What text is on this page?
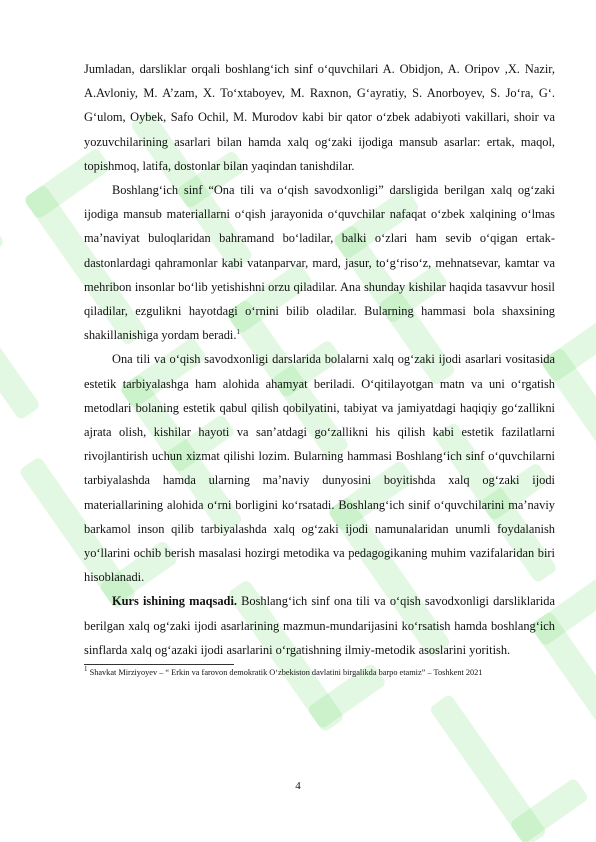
Jumladan, darsliklar orqali boshlang‘ich sinf o‘quvchilari A. Obidjon, A. Oripov ,X. Nazir, A.Avloniy, M. A’zam, X. To‘xtaboyev, M. Raxnon, G‘ayratiy, S. Anorboyev, S. Jo‘ra, G‘. G‘ulom, Oybek, Safo Ochil, M. Murodov kabi bir qator o‘zbek adabiyoti vakillari, shoir va yozuvchilarining asarlari bilan hamda xalq og‘zaki ijodiga mansub asarlar: ertak, maqol, topishmoq, latifa, dostonlar bilan yaqindan tanishdilar.

Boshlang‘ich sinf “Ona tili va o‘qish savodxonligi” darsligida berilgan xalq og‘zaki ijodiga mansub materiallarni o‘qish jarayonida o‘quvchilar nafaqat o‘zbek xalqining o‘lmas ma’naviyat buloqlaridan bahramand bo‘ladilar, balki o‘zlari ham sevib o‘qigan ertak- dastonlardagi qahramonlar kabi vatanparvar, mard, jasur, to‘g‘riso‘z, mehnatsevar, kamtar va mehribon insonlar bo‘lib yetishishni orzu qiladilar. Ana shunday kishilar haqida tasavvur hosil qiladilar, ezgulikni hayotdagi o‘rnini bilib oladilar. Bularning hammasi bola shaxsining shakillanishiga yordam beradi.$^1$

Ona tili va o‘qish savodxonligi darslarida bolalarni xalq og‘zaki ijodi asarlari vositasida estetik tarbiyalashga ham alohida ahamyat beriladi. O‘qitilayotgan matn va uni o‘rgatish metodlari bolaning estetik qabul qilish qobilyatini, tabiyat va jamiyatdagi haqiqiy go‘zallikni ajrata olish, kishilar hayoti va san’atdagi go‘zallikni his qilish kabi estetik fazilatlarni rivojlantirish uchun xizmat qilishi lozim. Bularning hammasi Boshlang‘ich sinf o‘quvchilarni tarbiyalashda hamda ularning ma’naviy dunyosini boyitishda xalq og‘zaki ijodi materiallarining alohida o‘rni borligini ko‘rsatadi. Boshlang‘ich sinif o‘quvchilarini ma’naviy barkamol inson qilib tarbiyalashda xalq og‘zaki ijodi namunalaridan unumli foydalanish yo‘llarini ochib berish masalasi hozirgi metodika va pedagogikaning muhim vazifalaridan biri hisoblanadi.

Kurs ishining maqsadi. Boshlang‘ich sinf ona tili va o‘qish savodxonligi darsliklarida berilgan xalq og‘zaki ijodi asarlarining mazmun-mundarijasini ko‘rsatish hamda boshlang‘ich sinflarda xalq og‘azaki ijodi asarlarini o‘rgatishning ilmiy-metodik asoslarini yoritish.

$^1$ Shavkat Mirziyoyev – “ Erkin va farovon demokratik O‘zbekiston davlatini birgalikda barpo etamiz” – Toshkent 2021

4
